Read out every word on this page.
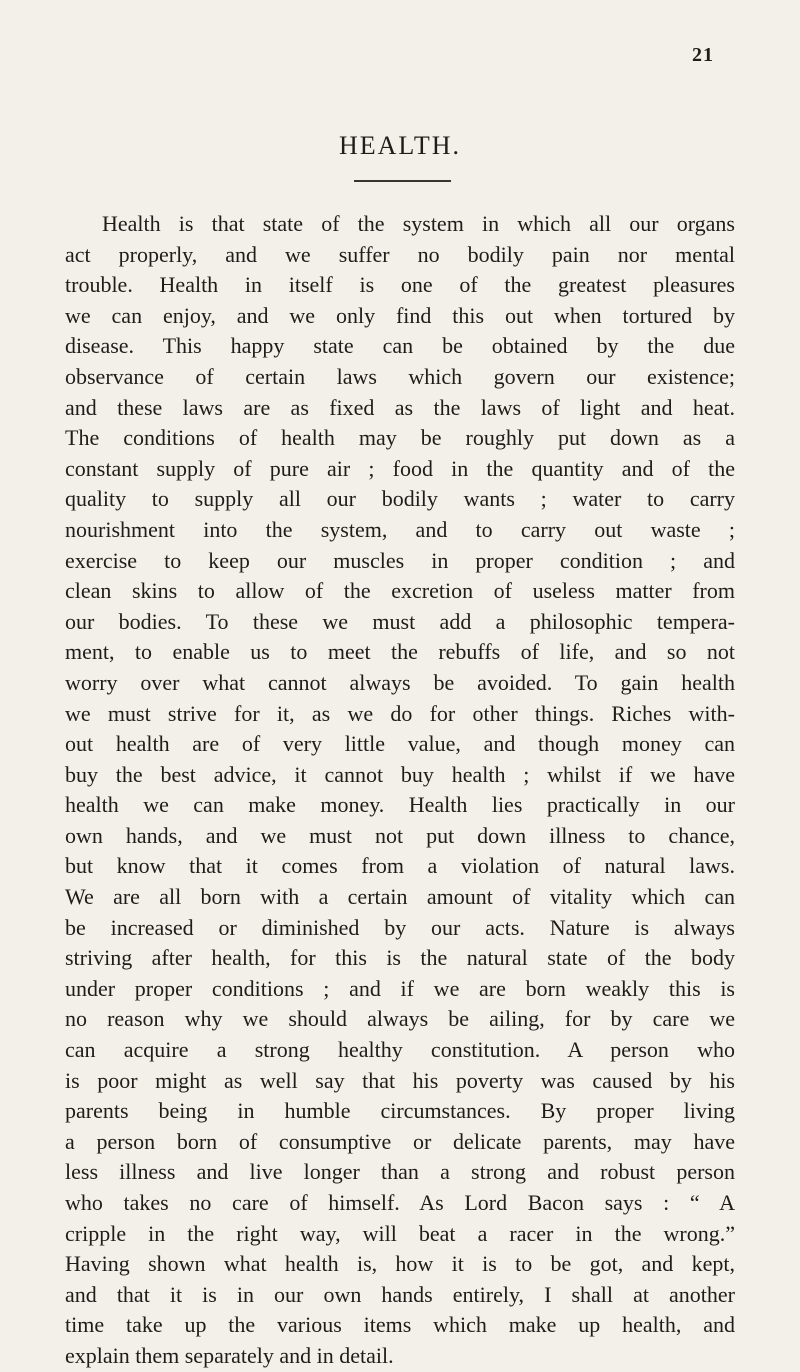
21
HEALTH.
Health is that state of the system in which all our organs
act properly, and we suffer no bodily pain nor mental
trouble. Health in itself is one of the greatest pleasures
we can enjoy, and we only find this out when tortured by
disease. This happy state can be obtained by the due
observance of certain laws which govern our existence;
and these laws are as fixed as the laws of light and heat.
The conditions of health may be roughly put down as a
constant supply of pure air ; food in the quantity and of the
quality to supply all our bodily wants ; water to carry
nourishment into the system, and to carry out waste ;
exercise to keep our muscles in proper condition ; and
clean skins to allow of the excretion of useless matter from
our bodies. To these we must add a philosophic tempera-
ment, to enable us to meet the rebuffs of life, and so not
worry over what cannot always be avoided. To gain health
we must strive for it, as we do for other things. Riches with-
out health are of very little value, and though money can
buy the best advice, it cannot buy health ; whilst if we have
health we can make money. Health lies practically in our
own hands, and we must not put down illness to chance,
but know that it comes from a violation of natural laws.
We are all born with a certain amount of vitality which can
be increased or diminished by our acts. Nature is always
striving after health, for this is the natural state of the body
under proper conditions ; and if we are born weakly this is
no reason why we should always be ailing, for by care we
can acquire a strong healthy constitution. A person who
is poor might as well say that his poverty was caused by his
parents being in humble circumstances. By proper living
a person born of consumptive or delicate parents, may have
less illness and live longer than a strong and robust person
who takes no care of himself. As Lord Bacon says : “ A
cripple in the right way, will beat a racer in the wrong.”
Having shown what health is, how it is to be got, and kept,
and that it is in our own hands entirely, I shall at another
time take up the various items which make up health, and
explain them separately and in detail.
